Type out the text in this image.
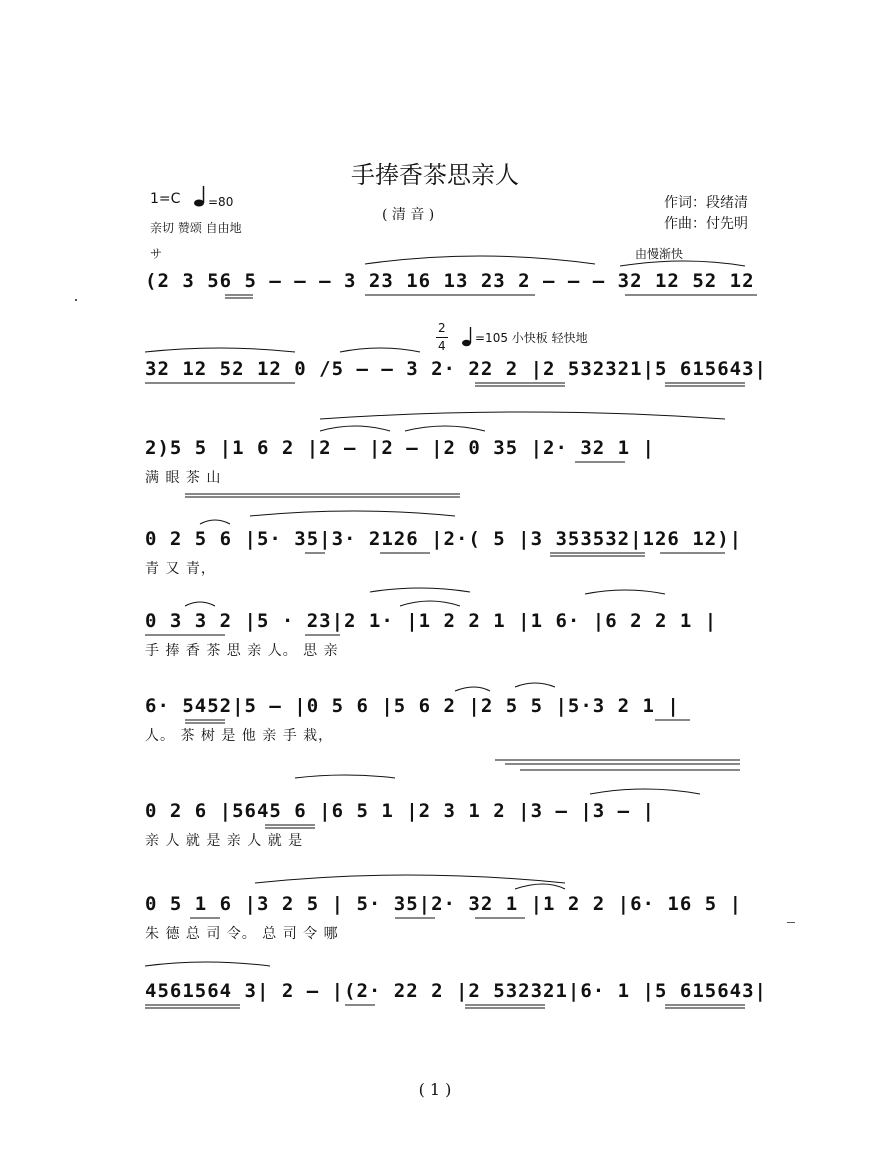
手捧香茶思亲人
1=C =80
亲切 赞颂 自由地
( 清 音 )
作词：段绪清
作曲：付先明
サ	由慢渐快
2
4
=105 小快板 轻快地
(2 3 56 5 – – – 3 23 16 13 23 2 – – – 32 12 52 12
32 12 52 12 0 ∕5 – – 3 2· 22 2 |2 532321|5 615643|
2)5 5 |1 6 2 |2 – |2 – |2 0 35 |2· 32 1 |
满 眼 茶 山
0 2 5 6 |5· 35|3· 2126 |2·( 5 |3 353532|126 12)|
青 又 青，
0 3 3 2 |5 · 23|2 1· |1 2 2 1 |1 6· |6 2 2 1 |
手 捧 香 茶 思 亲 人。 思 亲
6· 5452|5 – |0 5 6 |5 6 2 |2 5 5 |5·3 2 1 |
人。 茶 树 是 他 亲 手 栽，
0 2 6 |5645 6 |6 5 1 |2 3 1 2 |3 – |3 – |
亲 人 就 是 亲 人 就 是
0 5 1 6 |3 2 5 | 5· 35|2· 32 1 |1 2 2 |6· 16 5 |
朱 德 总 司 令。 总 司 令 哪
4561564 3| 2 – |(2· 22 2 |2 532321|6· 1 |5 615643|
( 1 )
